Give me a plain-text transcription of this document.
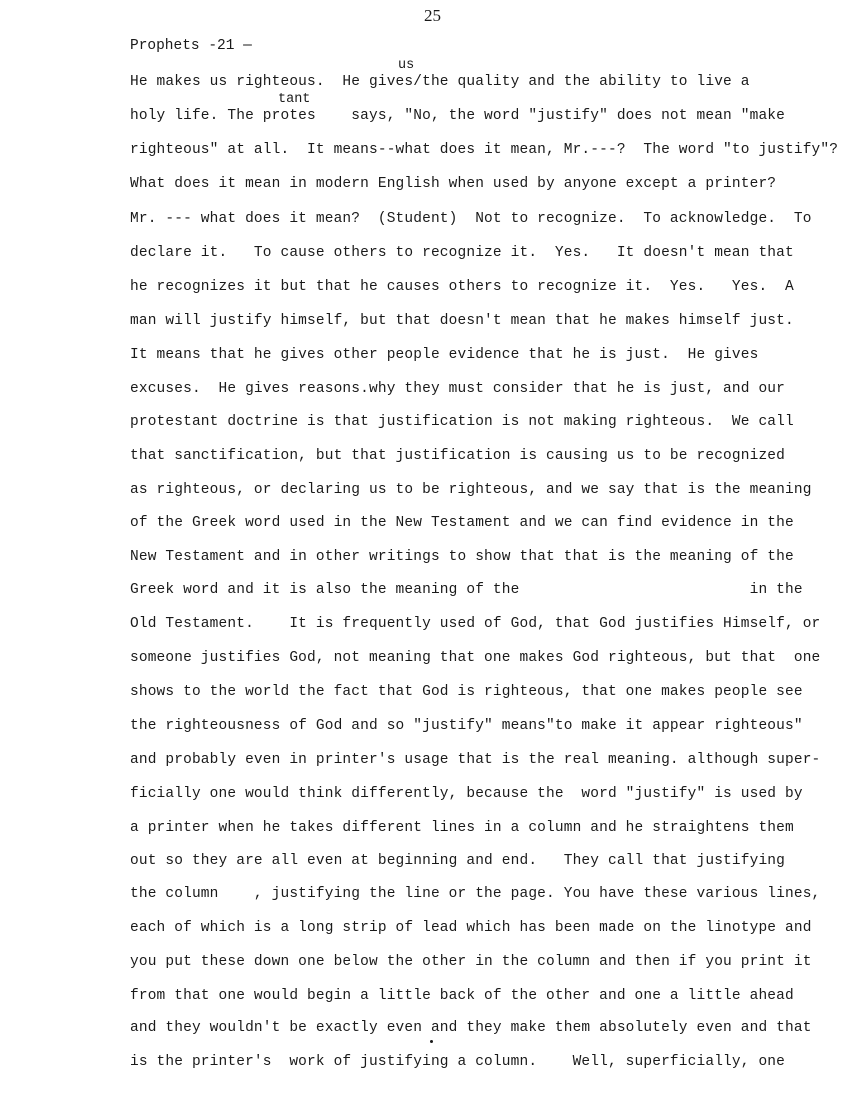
25
Prophets -21 —
us
tant
He makes us righteous.  He gives/the quality and the ability to live a
holy life. The protes    says, "No, the word "justify" does not mean "make
righteous" at all.  It means--what does it mean, Mr.---?  The word "to justify"?
What does it mean in modern English when used by anyone except a printer?
Mr. --- what does it mean?  (Student)  Not to recognize.  To acknowledge.  To
declare it.   To cause others to recognize it.  Yes.   It doesn't mean that
he recognizes it but that he causes others to recognize it.  Yes.   Yes.  A
man will justify himself, but that doesn't mean that he makes himself just.
It means that he gives other people evidence that he is just.  He gives
excuses.  He gives reasons.why they must consider that he is just, and our
protestant doctrine is that justification is not making righteous.  We call
that sanctification, but that justification is causing us to be recognized
as righteous, or declaring us to be righteous, and we say that is the meaning
of the Greek word used in the New Testament and we can find evidence in the
New Testament and in other writings to show that that is the meaning of the
Greek word and it is also the meaning of the                          in the
Old Testament.    It is frequently used of God, that God justifies Himself, or
someone justifies God, not meaning that one makes God righteous, but that  one
shows to the world the fact that God is righteous, that one makes people see
the righteousness of God and so "justify" means"to make it appear righteous"
and probably even in printer's usage that is the real meaning. although super-
ficially one would think differently, because the  word "justify" is used by
a printer when he takes different lines in a column and he straightens them
out so they are all even at beginning and end.   They call that justifying
the column    , justifying the line or the page. You have these various lines,
each of which is a long strip of lead which has been made on the linotype and
you put these down one below the other in the column and then if you print it
from that one would begin a little back of the other and one a little ahead
and they wouldn't be exactly even and they make them absolutely even and that
is the printer's  work of justifying a column.    Well, superficially, one
